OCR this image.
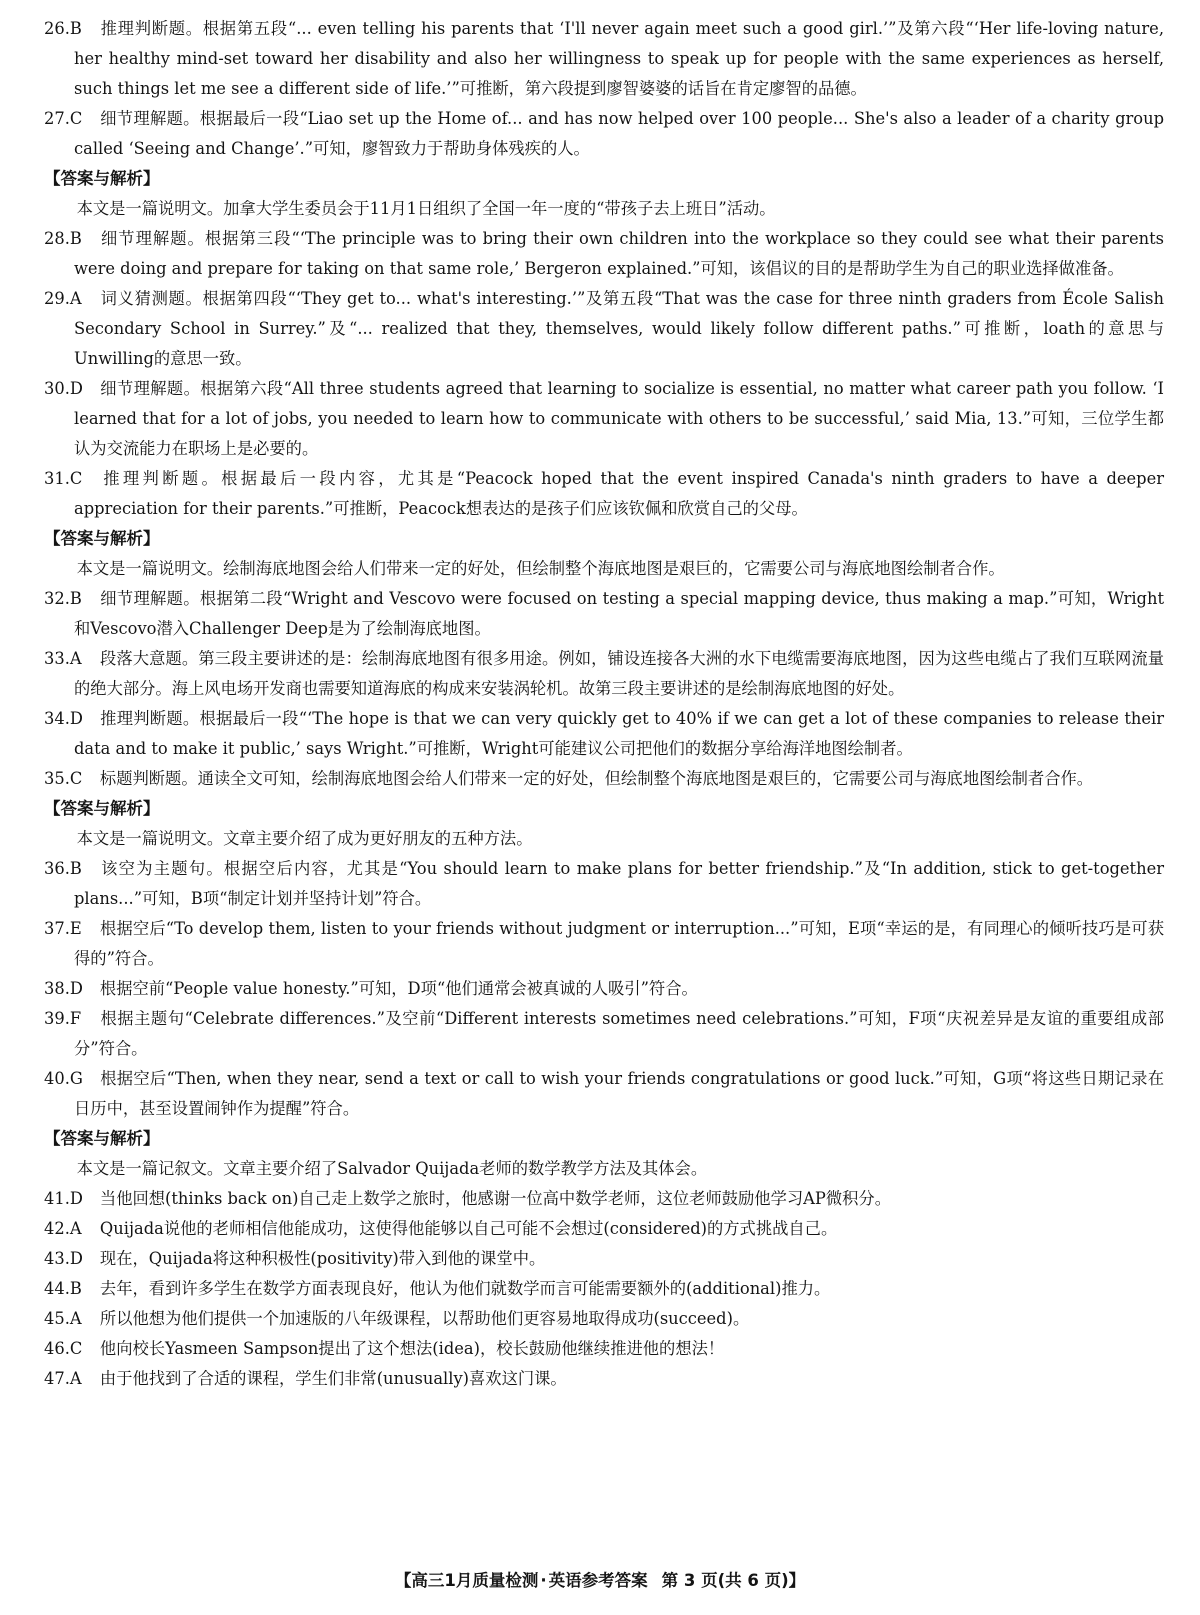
26.B 推理判断题。根据第五段“... even telling his parents that ‘I'll never again meet such a good girl.’”及第六段“‘Her life-loving nature, her healthy mind-set toward her disability and also her willingness to speak up for people with the same experiences as herself, such things let me see a different side of life.’”可推断，第六段提到廖智婆婆的话旨在肯定廖智的品德。

27.C 细节理解题。根据最后一段“Liao set up the Home of... and has now helped over 100 people... She's also a leader of a charity group called ‘Seeing and Change’.”可知，廖智致力于帮助身体残疾的人。

【答案与解析】

本文是一篇说明文。加拿大学生委员会于11月1日组织了全国一年一度的“带孩子去上班日”活动。

28.B 细节理解题。根据第三段“‘The principle was to bring their own children into the workplace so they could see what their parents were doing and prepare for taking on that same role,’ Bergeron explained.”可知，该倡议的目的是帮助学生为自己的职业选择做准备。

29.A 词义猜测题。根据第四段“‘They get to... what's interesting.’”及第五段“That was the case for three ninth graders from École Salish Secondary School in Surrey.”及“... realized that they, themselves, would likely follow different paths.”可推断，loath的意思与Unwilling的意思一致。

30.D 细节理解题。根据第六段“All three students agreed that learning to socialize is essential, no matter what career path you follow. ‘I learned that for a lot of jobs, you needed to learn how to communicate with others to be successful,’ said Mia, 13.”可知，三位学生都认为交流能力在职场上是必要的。

31.C 推理判断题。根据最后一段内容，尤其是“Peacock hoped that the event inspired Canada's ninth graders to have a deeper appreciation for their parents.”可推断，Peacock想表达的是孩子们应该钦佩和欣赏自己的父母。

【答案与解析】

本文是一篇说明文。绘制海底地图会给人们带来一定的好处，但绘制整个海底地图是艰巨的，它需要公司与海底地图绘制者合作。

32.B 细节理解题。根据第二段“Wright and Vescovo were focused on testing a special mapping device, thus making a map.”可知，Wright和Vescovo潜入Challenger Deep是为了绘制海底地图。

33.A 段落大意题。第三段主要讲述的是：绘制海底地图有很多用途。例如，铺设连接各大洲的水下电缆需要海底地图，因为这些电缆占了我们互联网流量的绝大部分。海上风电场开发商也需要知道海底的构成来安装涡轮机。故第三段主要讲述的是绘制海底地图的好处。

34.D 推理判断题。根据最后一段“‘The hope is that we can very quickly get to 40% if we can get a lot of these companies to release their data and to make it public,’ says Wright.”可推断，Wright可能建议公司把他们的数据分享给海洋地图绘制者。

35.C 标题判断题。通读全文可知，绘制海底地图会给人们带来一定的好处，但绘制整个海底地图是艰巨的，它需要公司与海底地图绘制者合作。

【答案与解析】

本文是一篇说明文。文章主要介绍了成为更好朋友的五种方法。

36.B 该空为主题句。根据空后内容，尤其是“You should learn to make plans for better friendship.”及“In addition, stick to get-together plans...”可知，B项“制定计划并坚持计划”符合。

37.E 根据空后“To develop them, listen to your friends without judgment or interruption...”可知，E项“幸运的是，有同理心的倾听技巧是可获得的”符合。

38.D 根据空前“People value honesty.”可知，D项“他们通常会被真诚的人吸引”符合。

39.F 根据主题句“Celebrate differences.”及空前“Different interests sometimes need celebrations.”可知，F项“庆祝差异是友谊的重要组成部分”符合。

40.G 根据空后“Then, when they near, send a text or call to wish your friends congratulations or good luck.”可知，G项“将这些日期记录在日历中，甚至设置闹钟作为提醒”符合。

【答案与解析】

本文是一篇记叙文。文章主要介绍了Salvador Quijada老师的数学教学方法及其体会。

41.D 当他回想(thinks back on)自己走上数学之旅时，他感谢一位高中数学老师，这位老师鼓励他学习AP微积分。

42.A Quijada说他的老师相信他能成功，这使得他能够以自己可能不会想过(considered)的方式挑战自己。

43.D 现在，Quijada将这种积极性(positivity)带入到他的课堂中。

44.B 去年，看到许多学生在数学方面表现良好，他认为他们就数学而言可能需要额外的(additional)推力。

45.A 所以他想为他们提供一个加速版的八年级课程，以帮助他们更容易地取得成功(succeed)。

46.C 他向校长Yasmeen Sampson提出了这个想法(idea)，校长鼓励他继续推进他的想法！

47.A 由于他找到了合适的课程，学生们非常(unusually)喜欢这门课。

【高三1月质量检测 · 英语参考答案 第 3 页(共 6 页)】
